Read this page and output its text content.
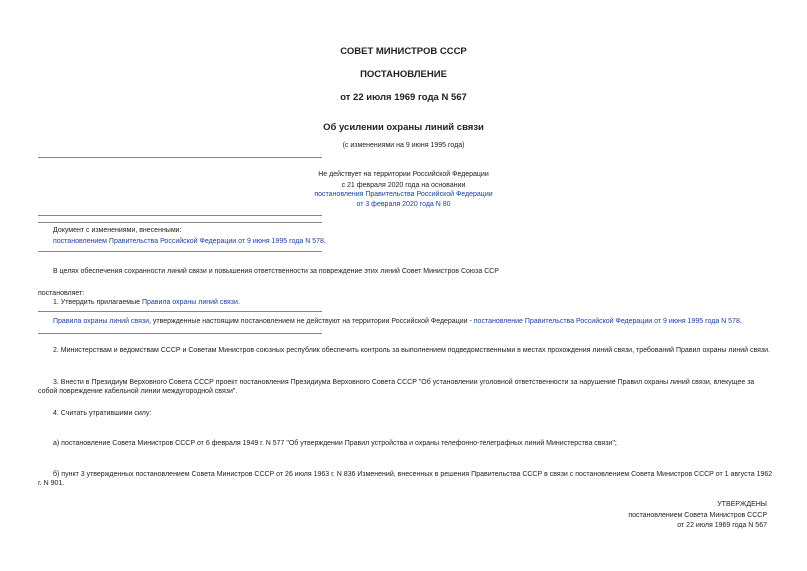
СОВЕТ МИНИСТРОВ СССР
ПОСТАНОВЛЕНИЕ
от 22 июля 1969 года N 567
Об усилении охраны линий связи
(с изменениями на 9 июня 1995 года)
Не действует на территории Российской Федерации
с 21 февраля 2020 года на основании
постановления Правительства Российской Федерации
от 3 февраля 2020 года N 80
Документ с изменениями, внесенными:
постановлением Правительства Российской Федерации от 9 июня 1995 года N 578.
В целях обеспечения сохранности линий связи и повышения ответственности за повреждение этих линий Совет Министров Союза ССР
постановляет:
1. Утвердить прилагаемые Правила охраны линий связи.
Правила охраны линий связи, утвержденные настоящим постановлением не действуют на территории Российской Федерации - постановление Правительства Российской Федерации от 9 июня 1995 года N 578.
2. Министерствам и ведомствам СССР и Советам Министров союзных республик обеспечить контроль за выполнением подведомственными в местах прохождения линий связи, требований Правил охраны линий связи.
3. Внести в Президиум Верховного Совета СССР проект постановления Президиума Верховного Совета СССР "Об установлении уголовной ответственности за нарушение Правил охраны линий связи, влекущее за собой повреждение кабельной линии междугородной связи".
4. Считать утратившими силу:
а) постановление Совета Министров СССР от 6 февраля 1949 г. N 577 "Об утверждении Правил устройства и охраны телефонно-телеграфных линий Министерства связи";
б) пункт 3 утвержденных постановлением Совета Министров СССР от 26 июля 1963 г. N 836 Изменений, внесенных в решения Правительства СССР в связи с постановлением Совета Министров СССР от 1 августа 1962 г. N 901.
УТВЕРЖДЕНЫ
постановлением Совета Министров СССР
от 22 июля 1969 года N 567
